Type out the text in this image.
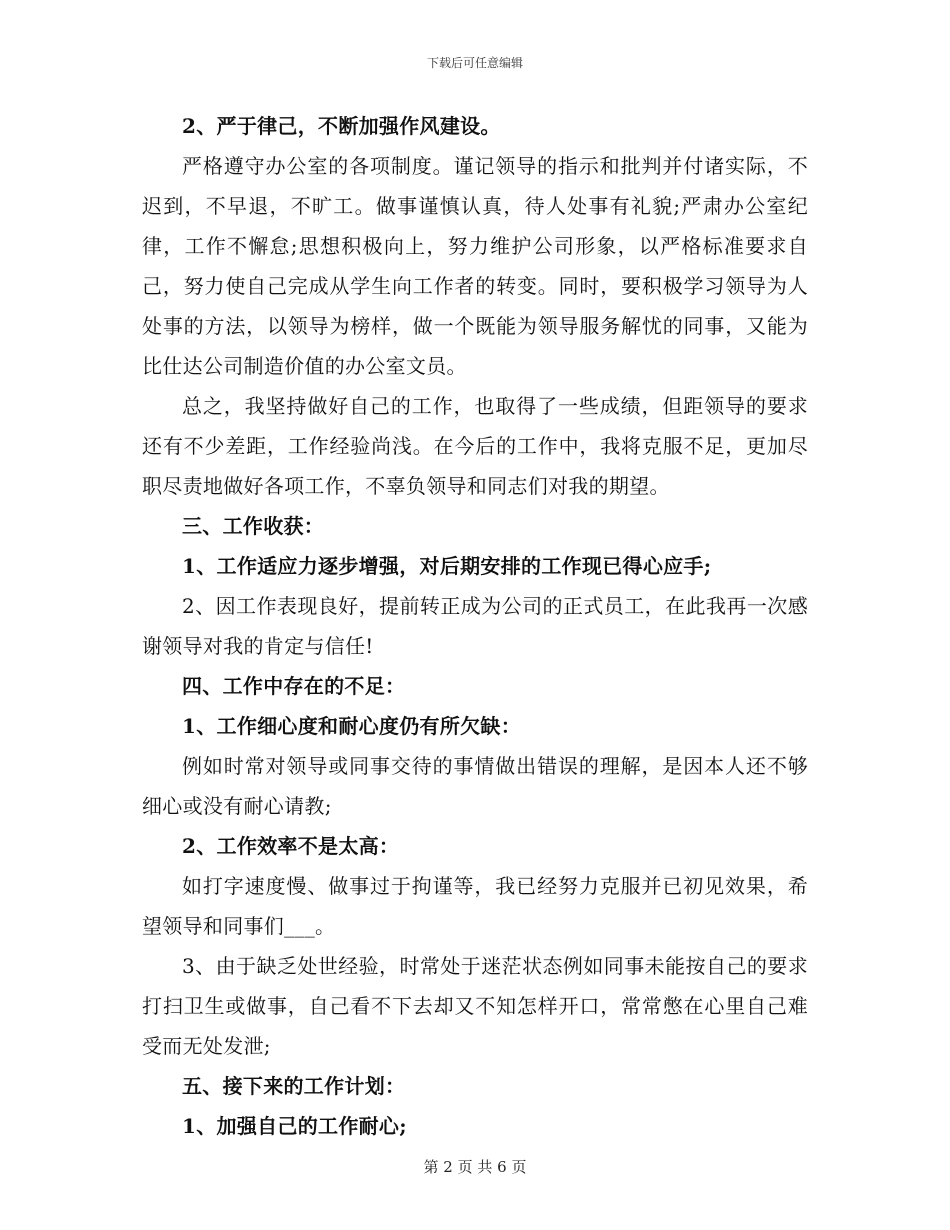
下载后可任意编辑

2、严于律己，不断加强作风建设。

严格遵守办公室的各项制度。谨记领导的指示和批判并付诸实际，不迟到，不早退，不旷工。做事谨慎认真，待人处事有礼貌;严肃办公室纪律，工作不懈怠;思想积极向上，努力维护公司形象，以严格标准要求自己，努力使自己完成从学生向工作者的转变。同时，要积极学习领导为人处事的方法，以领导为榜样，做一个既能为领导服务解忧的同事，又能为比仕达公司制造价值的办公室文员。

总之，我坚持做好自己的工作，也取得了一些成绩，但距领导的要求还有不少差距，工作经验尚浅。在今后的工作中，我将克服不足，更加尽职尽责地做好各项工作，不辜负领导和同志们对我的期望。

三、工作收获：

1、工作适应力逐步增强，对后期安排的工作现已得心应手;

2、因工作表现良好，提前转正成为公司的正式员工，在此我再一次感谢领导对我的肯定与信任!

四、工作中存在的不足：

1、工作细心度和耐心度仍有所欠缺：

例如时常对领导或同事交待的事情做出错误的理解，是因本人还不够细心或没有耐心请教;

2、工作效率不是太高：

如打字速度慢、做事过于拘谨等，我已经努力克服并已初见效果，希望领导和同事们___。

3、由于缺乏处世经验，时常处于迷茫状态例如同事未能按自己的要求打扫卫生或做事，自己看不下去却又不知怎样开口，常常憋在心里自己难受而无处发泄;

五、接下来的工作计划：

1、加强自己的工作耐心;

第 2 页 共 6 页
